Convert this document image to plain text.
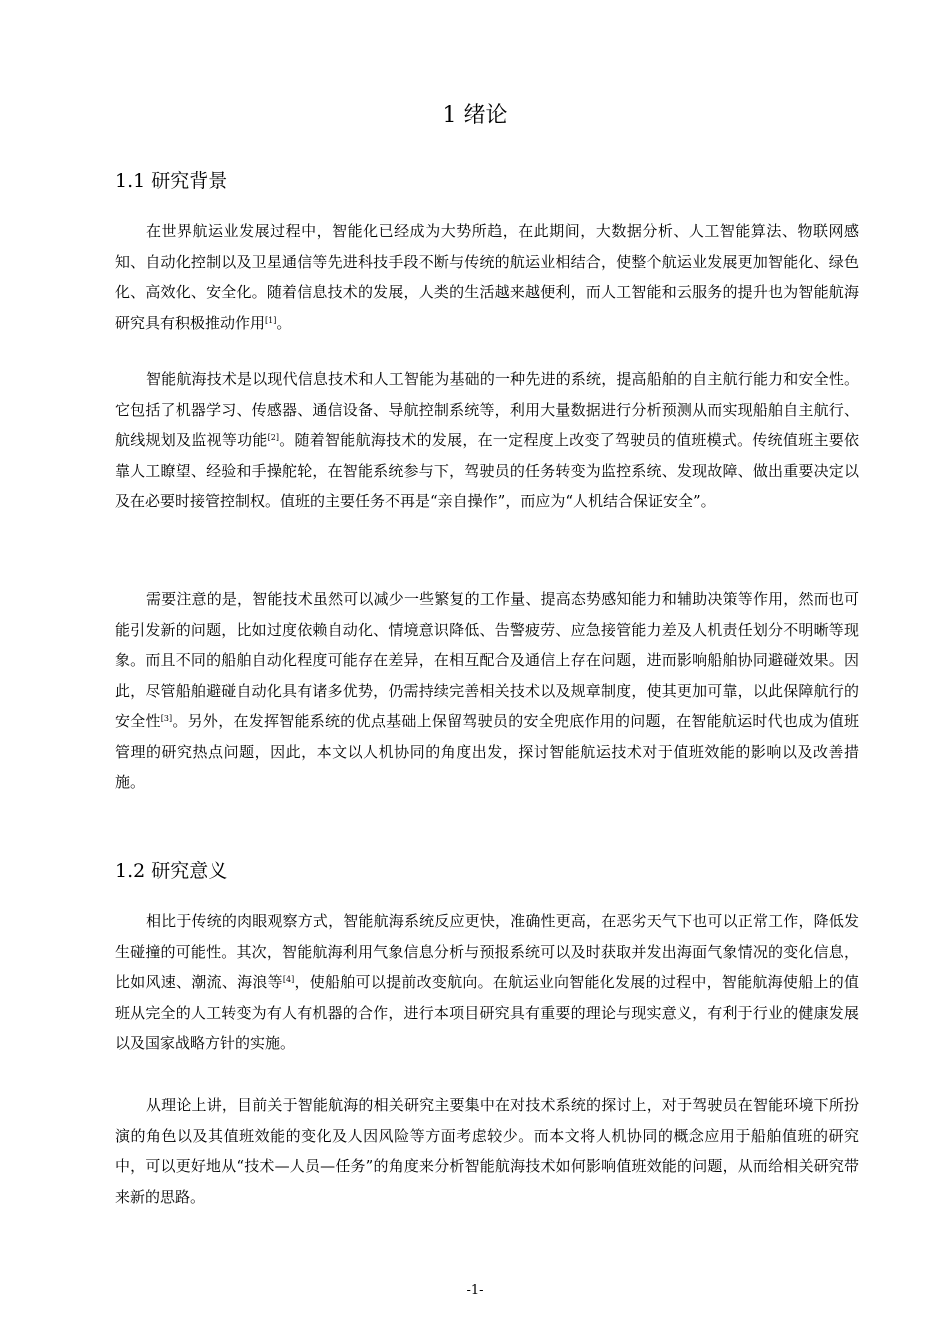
1 绪论
1.1 研究背景

在世界航运业发展过程中，智能化已经成为大势所趋，在此期间，大数据分析、人工智能算法、物联网感知、自动化控制以及卫星通信等先进科技手段不断与传统的航运业相结合，使整个航运业发展更加智能化、绿色化、高效化、安全化。随着信息技术的发展，人类的生活越来越便利，而人工智能和云服务的提升也为智能航海研究具有积极推动作用[1]。

智能航海技术是以现代信息技术和人工智能为基础的一种先进的系统，提高船舶的自主航行能力和安全性。它包括了机器学习、传感器、通信设备、导航控制系统等，利用大量数据进行分析预测从而实现船舶自主航行、航线规划及监视等功能[2]。随着智能航海技术的发展，在一定程度上改变了驾驶员的值班模式。传统值班主要依靠人工瞭望、经验和手操舵轮，在智能系统参与下，驾驶员的任务转变为监控系统、发现故障、做出重要决定以及在必要时接管控制权。值班的主要任务不再是“亲自操作”，而应为“人机结合保证安全”。

需要注意的是，智能技术虽然可以减少一些繁复的工作量、提高态势感知能力和辅助决策等作用，然而也可能引发新的问题，比如过度依赖自动化、情境意识降低、告警疲劳、应急接管能力差及人机责任划分不明晰等现象。而且不同的船舶自动化程度可能存在差异，在相互配合及通信上存在问题，进而影响船舶协同避碰效果。因此，尽管船舶避碰自动化具有诸多优势，仍需持续完善相关技术以及规章制度，使其更加可靠，以此保障航行的安全性[3]。另外，在发挥智能系统的优点基础上保留驾驶员的安全兜底作用的问题，在智能航运时代也成为值班管理的研究热点问题，因此，本文以人机协同的角度出发，探讨智能航运技术对于值班效能的影响以及改善措施。

1.2 研究意义

相比于传统的肉眼观察方式，智能航海系统反应更快，准确性更高，在恶劣天气下也可以正常工作，降低发生碰撞的可能性。其次，智能航海利用气象信息分析与预报系统可以及时获取并发出海面气象情况的变化信息，比如风速、潮流、海浪等[4]，使船舶可以提前改变航向。在航运业向智能化发展的过程中，智能航海使船上的值班从完全的人工转变为有人有机器的合作，进行本项目研究具有重要的理论与现实意义，有利于行业的健康发展以及国家战略方针的实施。

从理论上讲，目前关于智能航海的相关研究主要集中在对技术系统的探讨上，对于驾驶员在智能环境下所扮演的角色以及其值班效能的变化及人因风险等方面考虑较少。而本文将人机协同的概念应用于船舶值班的研究中，可以更好地从“技术—人员—任务”的角度来分析智能航海技术如何影响值班效能的问题，从而给相关研究带来新的思路。

-1-
